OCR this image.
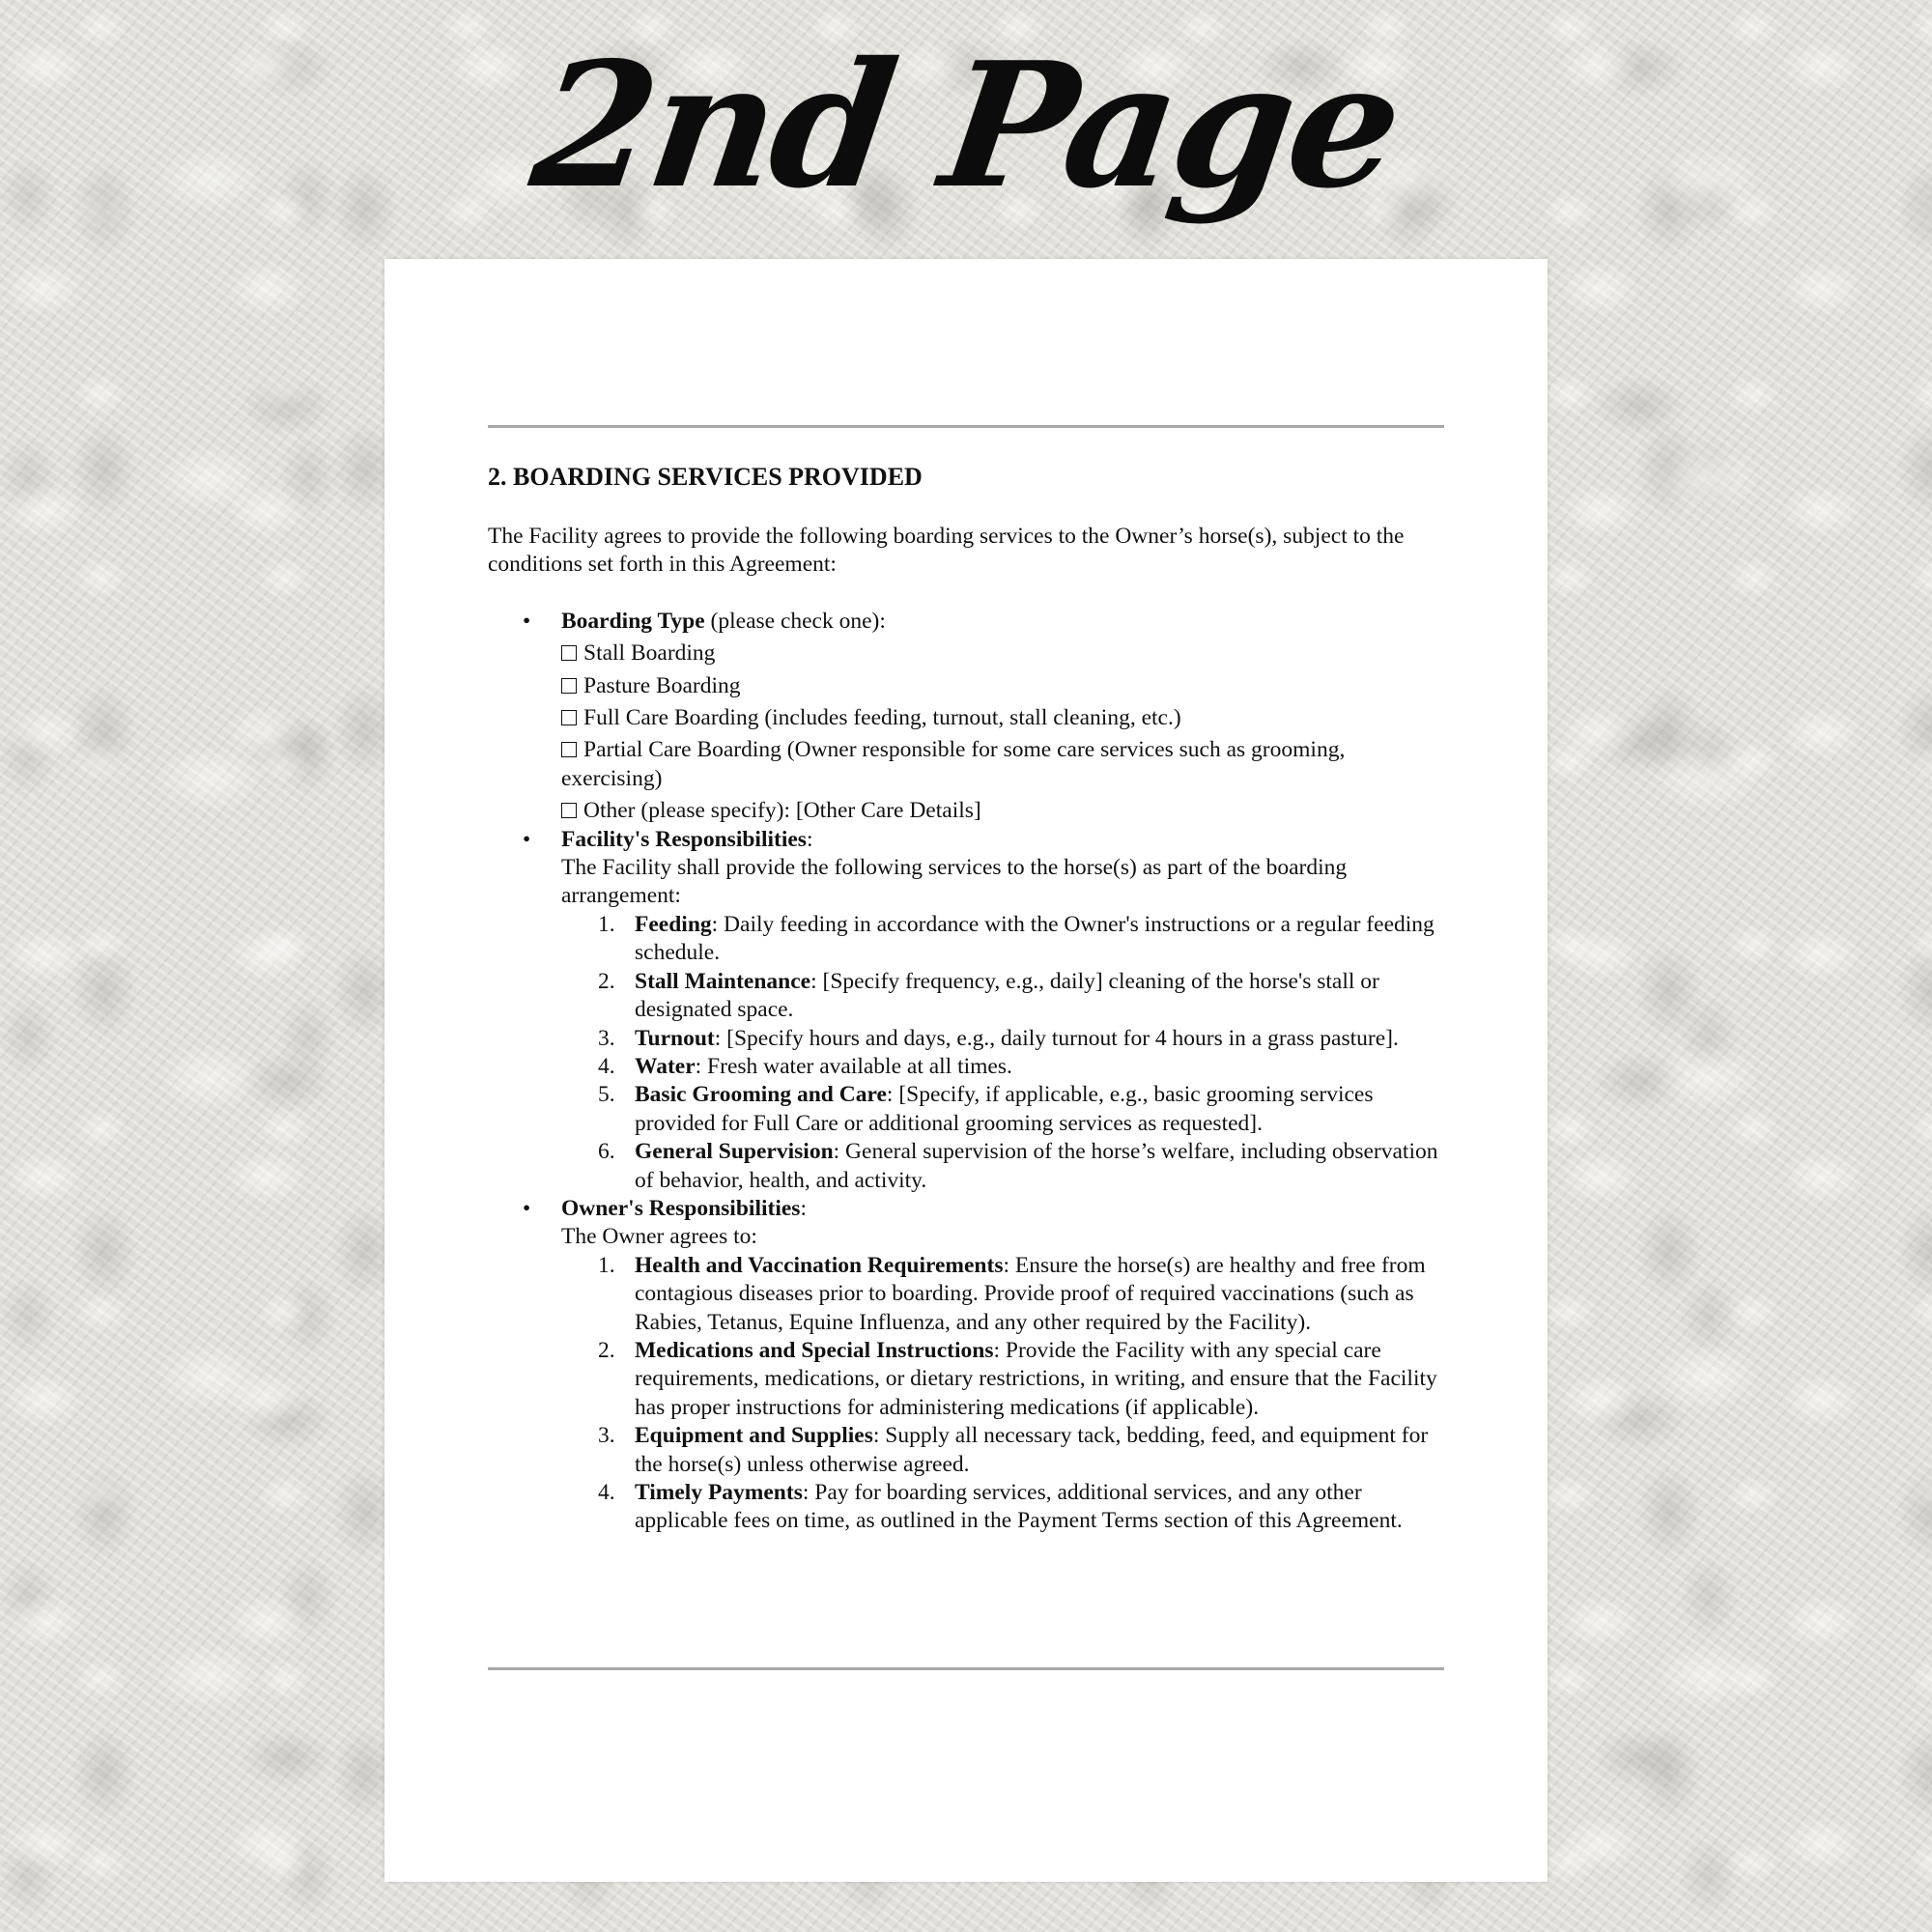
2nd Page
2. BOARDING SERVICES PROVIDED
The Facility agrees to provide the following boarding services to the Owner’s horse(s), subject to the conditions set forth in this Agreement:
• Boarding Type (please check one):
Stall Boarding
Pasture Boarding
Full Care Boarding (includes feeding, turnout, stall cleaning, etc.)
Partial Care Boarding (Owner responsible for some care services such as grooming, exercising)
Other (please specify): [Other Care Details]
• Facility's Responsibilities:
The Facility shall provide the following services to the horse(s) as part of the boarding arrangement:
1. Feeding: Daily feeding in accordance with the Owner's instructions or a regular feeding schedule.
2. Stall Maintenance: [Specify frequency, e.g., daily] cleaning of the horse's stall or designated space.
3. Turnout: [Specify hours and days, e.g., daily turnout for 4 hours in a grass pasture].
4. Water: Fresh water available at all times.
5. Basic Grooming and Care: [Specify, if applicable, e.g., basic grooming services provided for Full Care or additional grooming services as requested].
6. General Supervision: General supervision of the horse’s welfare, including observation of behavior, health, and activity.
• Owner's Responsibilities:
The Owner agrees to:
1. Health and Vaccination Requirements: Ensure the horse(s) are healthy and free from contagious diseases prior to boarding. Provide proof of required vaccinations (such as Rabies, Tetanus, Equine Influenza, and any other required by the Facility).
2. Medications and Special Instructions: Provide the Facility with any special care requirements, medications, or dietary restrictions, in writing, and ensure that the Facility has proper instructions for administering medications (if applicable).
3. Equipment and Supplies: Supply all necessary tack, bedding, feed, and equipment for the horse(s) unless otherwise agreed.
4. Timely Payments: Pay for boarding services, additional services, and any other applicable fees on time, as outlined in the Payment Terms section of this Agreement.
